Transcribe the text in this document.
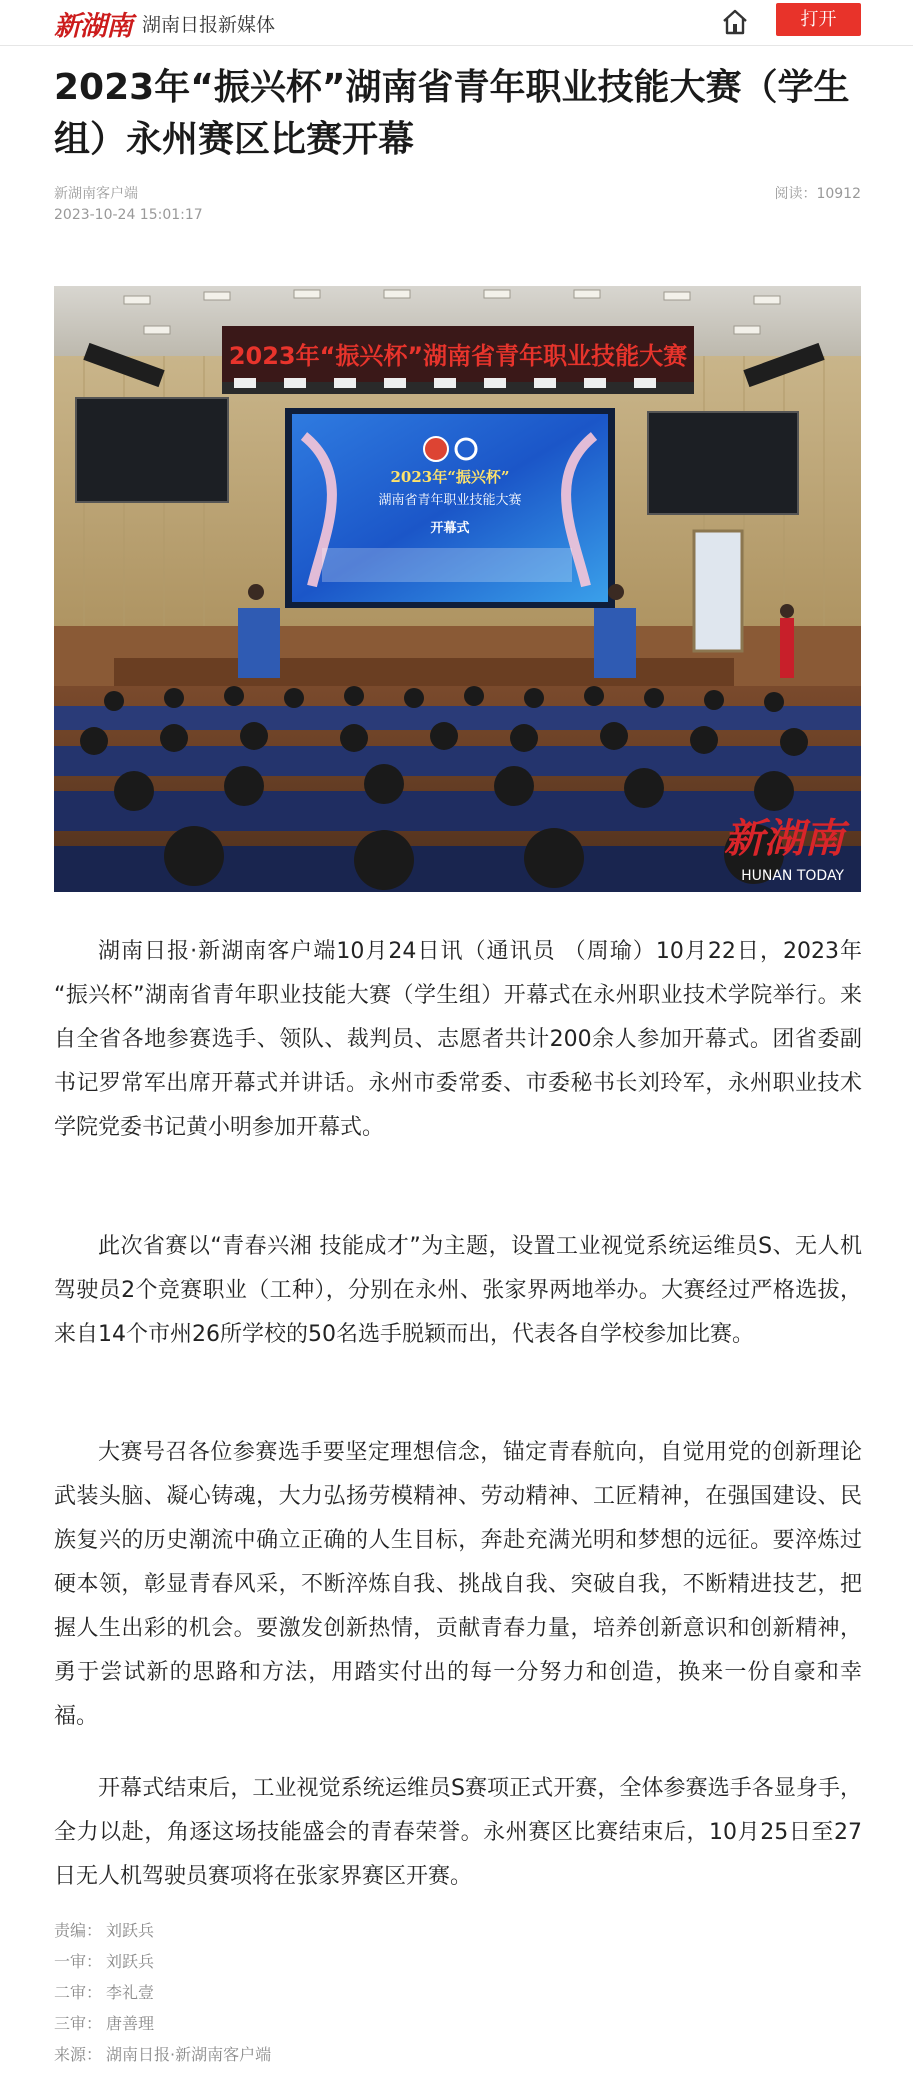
新湖南 湖南日报新媒体	打开
2023年“振兴杯”湖南省青年职业技能大赛（学生组）永州赛区比赛开幕
新湖南客户端
2023-10-24 15:01:17
阅读：10912
2023年“振兴杯”湖南省青年职业技能大赛
2023年“振兴杯”
湖南省青年职业技能大赛
开幕式
新湖南
HUNAN TODAY

湖南日报·新湖南客户端10月24日讯（通讯员 （周瑜）10月22日，2023年 “振兴杯”湖南省青年职业技能大赛（学生组）开幕式在永州职业技术学院举行。来自全省各地参赛选手、领队、裁判员、志愿者共计200余人参加开幕式。团省委副书记罗常军出席开幕式并讲话。永州市委常委、市委秘书长刘玲军，永州职业技术学院党委书记黄小明参加开幕式。

此次省赛以“青春兴湘 技能成才”为主题，设置工业视觉系统运维员S、无人机驾驶员2个竞赛职业（工种），分别在永州、张家界两地举办。大赛经过严格选拔，来自14个市州26所学校的50名选手脱颖而出，代表各自学校参加比赛。

大赛号召各位参赛选手要坚定理想信念，锚定青春航向，自觉用党的创新理论武装头脑、凝心铸魂，大力弘扬劳模精神、劳动精神、工匠精神，在强国建设、民族复兴的历史潮流中确立正确的人生目标，奔赴充满光明和梦想的远征。要淬炼过硬本领，彰显青春风采，不断淬炼自我、挑战自我、突破自我，不断精进技艺，把握人生出彩的机会。要激发创新热情，贡献青春力量，培养创新意识和创新精神，勇于尝试新的思路和方法，用踏实付出的每一分努力和创造，换来一份自豪和幸福。

开幕式结束后，工业视觉系统运维员S赛项正式开赛，全体参赛选手各显身手，全力以赴，角逐这场技能盛会的青春荣誉。永州赛区比赛结束后，10月25日至27日无人机驾驶员赛项将在张家界赛区开赛。

责编： 刘跃兵
一审： 刘跃兵
二审： 李礼壹
三审： 唐善理
来源： 湖南日报·新湖南客户端
